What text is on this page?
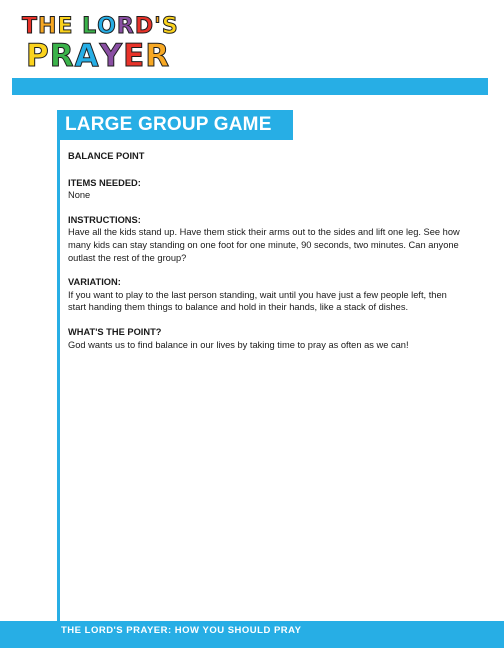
THE LORD'S
PRAYER
LARGE GROUP GAME
BALANCE POINT
ITEMS NEEDED:
None
INSTRUCTIONS:
Have all the kids stand up. Have them stick their arms out to the sides and lift one leg. See how many kids can stay standing on one foot for one minute, 90 seconds, two minutes. Can anyone outlast the rest of the group?
VARIATION:
If you want to play to the last person standing, wait until you have just a few people left, then start handing them things to balance and hold in their hands, like a stack of dishes.
WHAT'S THE POINT?
God wants us to find balance in our lives by taking time to pray as often as we can!
THE LORD'S PRAYER: HOW YOU SHOULD PRAY
